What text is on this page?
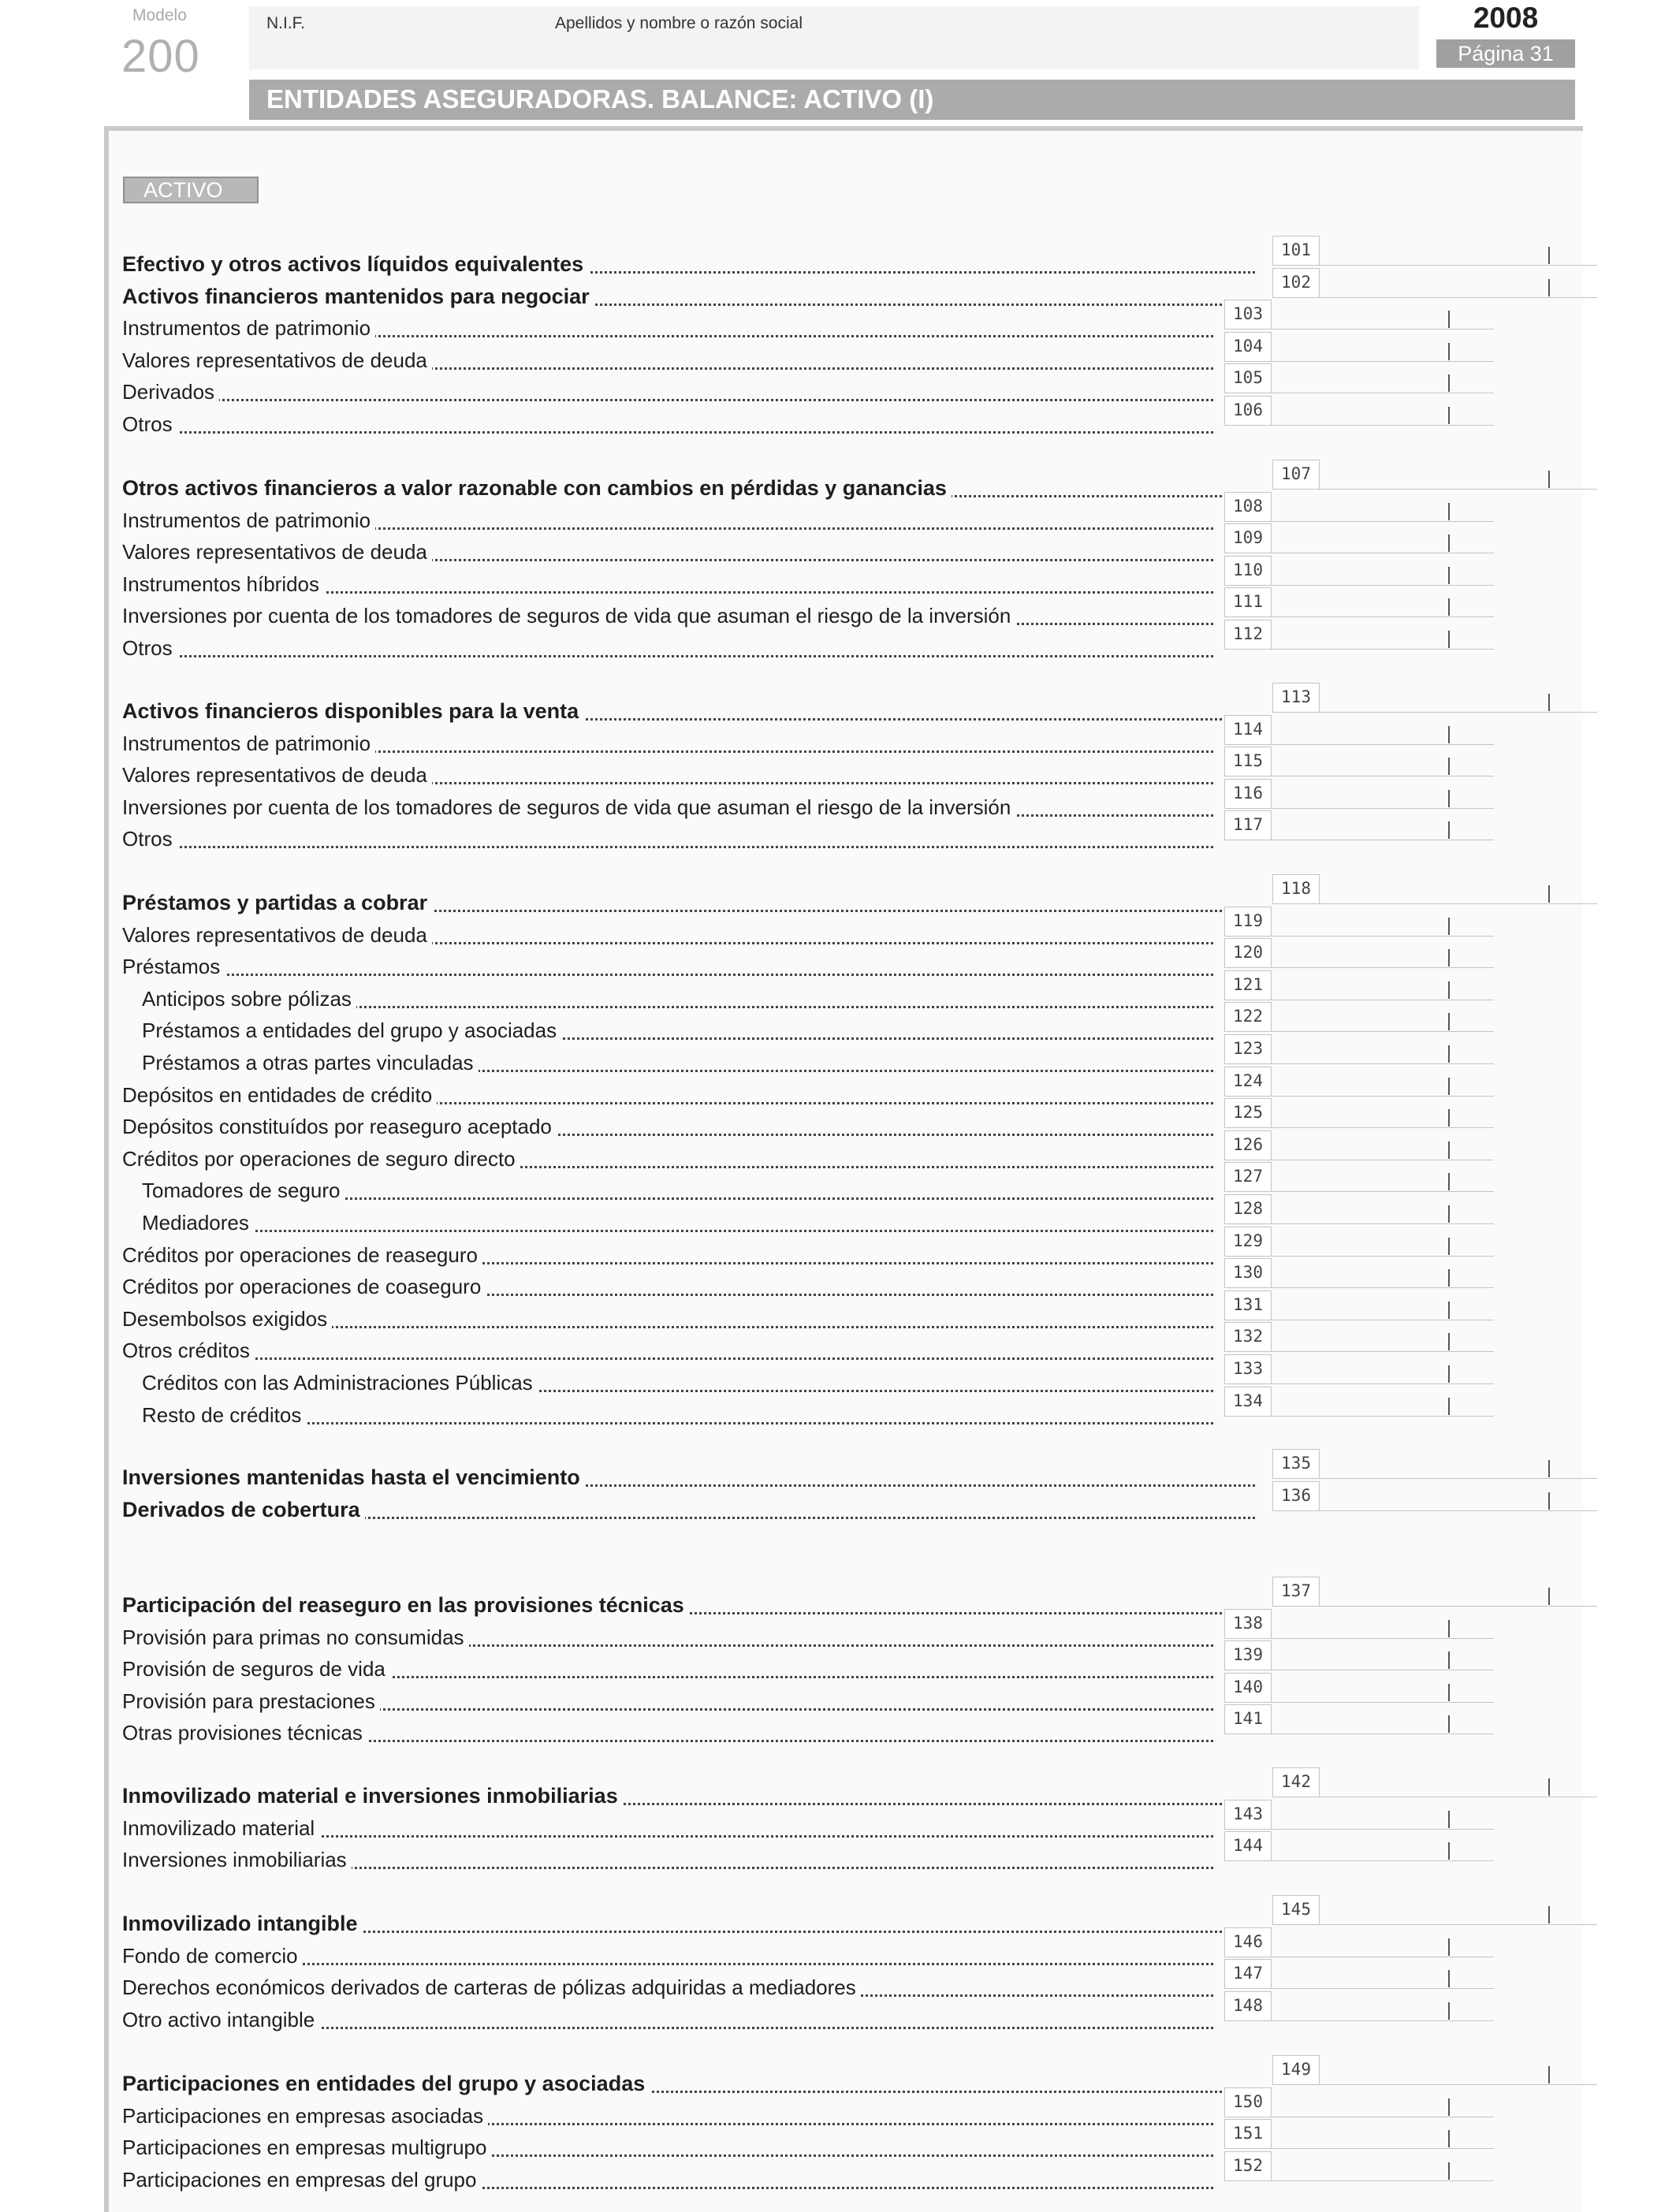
Modelo
200
N.I.F.	Apellidos y nombre o razón social	2008
Página 31
ENTIDADES ASEGURADORAS. BALANCE: ACTIVO (I)
ACTIVO
Efectivo y otros activos líquidos equivalentes
101
Activos financieros mantenidos para negociar
102
Instrumentos de patrimonio
103
Valores representativos de deuda
104
Derivados
105
Otros
106
Otros activos financieros a valor razonable con cambios en pérdidas y ganancias
107
Instrumentos de patrimonio
108
Valores representativos de deuda
109
Instrumentos híbridos
110
Inversiones por cuenta de los tomadores de seguros de vida que asuman el riesgo de la inversión
111
Otros
112
Activos financieros disponibles para la venta
113
Instrumentos de patrimonio
114
Valores representativos de deuda
115
Inversiones por cuenta de los tomadores de seguros de vida que asuman el riesgo de la inversión
116
Otros
117
Préstamos y partidas a cobrar
118
Valores representativos de deuda
119
Préstamos
120
Anticipos sobre pólizas
121
Préstamos a entidades del grupo y asociadas
122
Préstamos a otras partes vinculadas
123
Depósitos en entidades de crédito
124
Depósitos constituídos por reaseguro aceptado
125
Créditos por operaciones de seguro directo
126
Tomadores de seguro
127
Mediadores
128
Créditos por operaciones de reaseguro
129
Créditos por operaciones de coaseguro
130
Desembolsos exigidos
131
Otros créditos
132
Créditos con las Administraciones Públicas
133
Resto de créditos
134
Inversiones mantenidas hasta el vencimiento
135
Derivados de cobertura
136
Participación del reaseguro en las provisiones técnicas
137
Provisión para primas no consumidas
138
Provisión de seguros de vida
139
Provisión para prestaciones
140
Otras provisiones técnicas
141
Inmovilizado material e inversiones inmobiliarias
142
Inmovilizado material
143
Inversiones inmobiliarias
144
Inmovilizado intangible
145
Fondo de comercio
146
Derechos económicos derivados de carteras de pólizas adquiridas a mediadores
147
Otro activo intangible
148
Participaciones en entidades del grupo y asociadas
149
Participaciones en empresas asociadas
150
Participaciones en empresas multigrupo
151
Participaciones en empresas del grupo
152
